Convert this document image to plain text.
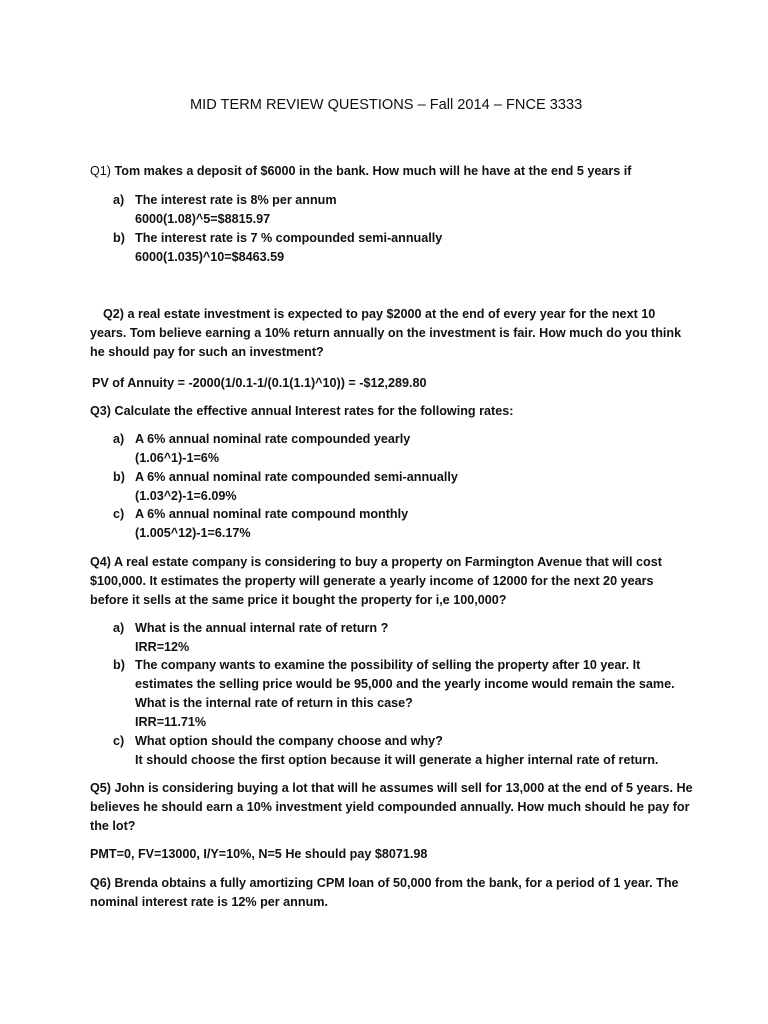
MID TERM REVIEW QUESTIONS – Fall 2014 – FNCE 3333
Q1) Tom makes a deposit of $6000 in the bank. How much will he have at the end 5 years if
a) The interest rate is 8% per annum
6000(1.08)^5=$8815.97
b) The interest rate is 7 % compounded semi-annually
6000(1.035)^10=$8463.59
Q2) a real estate investment is expected to pay $2000 at the end of every year for the next 10
years. Tom believe earning a 10% return annually on the investment is fair. How much do you think
he should pay for such an investment?
PV of Annuity = -2000(1/0.1-1/(0.1(1.1)^10)) = -$12,289.80
Q3) Calculate the effective annual Interest rates for the following rates:
a) A 6% annual nominal rate compounded yearly
(1.06^1)-1=6%
b) A 6% annual nominal rate compounded semi-annually
(1.03^2)-1=6.09%
c) A 6% annual nominal rate compound monthly
(1.005^12)-1=6.17%
Q4) A real estate company is considering to buy a property on Farmington Avenue that will cost
$100,000. It estimates the property will generate a yearly income of 12000 for the next 20 years
before it sells at the same price it bought the property for i,e 100,000?
a) What is the annual internal rate of return ?
IRR=12%
b) The company wants to examine the possibility of selling the property after 10 year. It
estimates the selling price would be 95,000 and the yearly income would remain the same.
What is the internal rate of return in this case?
IRR=11.71%
c) What option should the company choose and why?
It should choose the first option because it will generate a higher internal rate of return.
Q5) John is considering buying a lot that will he assumes will sell for 13,000 at the end of 5 years. He
believes he should earn a 10% investment yield compounded annually. How much should he pay for
the lot?
PMT=0, FV=13000, I/Y=10%, N=5 He should pay $8071.98
Q6) Brenda obtains a fully amortizing CPM loan of 50,000 from the bank, for a period of 1 year. The
nominal interest rate is 12% per annum.
